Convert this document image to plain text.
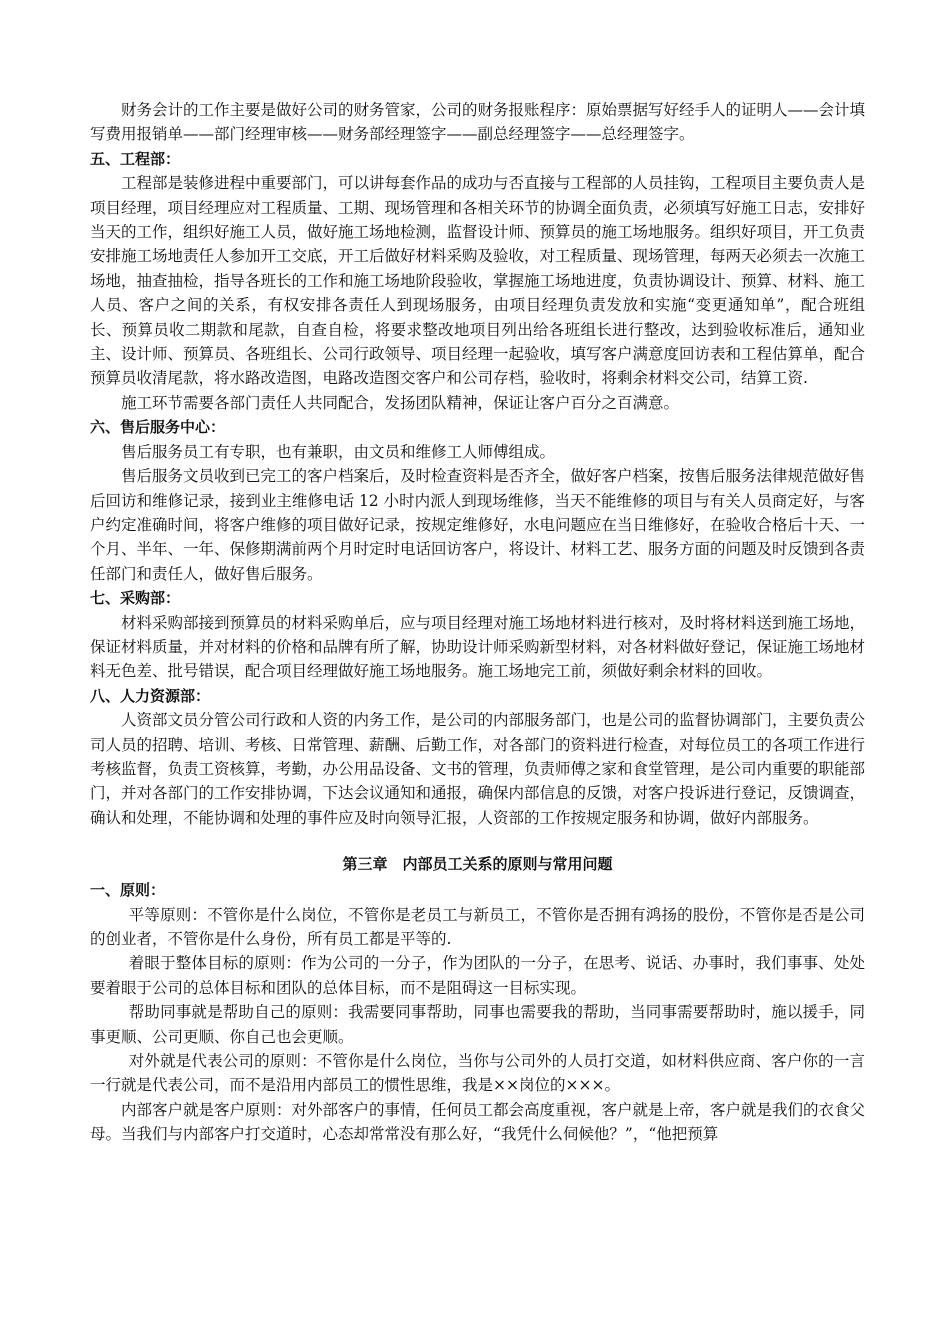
财务会计的工作主要是做好公司的财务管家，公司的财务报账程序：原始票据写好经手人的证明人——会计填写费用报销单——部门经理审核——财务部经理签字——副总经理签字——总经理签字。

五、工程部：

工程部是装修进程中重要部门，可以讲每套作品的成功与否直接与工程部的人员挂钩，工程项目主要负责人是项目经理，项目经理应对工程质量、工期、现场管理和各相关环节的协调全面负责，必须填写好施工日志，安排好当天的工作，组织好施工人员，做好施工场地检测，监督设计师、预算员的施工场地服务。组织好项目，开工负责安排施工场地责任人参加开工交底，开工后做好材料采购及验收，对工程质量、现场管理，每两天必须去一次施工场地，抽查抽检，指导各班长的工作和施工场地阶段验收，掌握施工场地进度，负责协调设计、预算、材料、施工人员、客户之间的关系，有权安排各责任人到现场服务，由项目经理负责发放和实施“变更通知单”，配合班组长、预算员收二期款和尾款，自查自检，将要求整改地项目列出给各班组长进行整改，达到验收标准后，通知业主、设计师、预算员、各班组长、公司行政领导、项目经理一起验收，填写客户满意度回访表和工程估算单，配合预算员收清尾款，将水路改造图，电路改造图交客户和公司存档，验收时，将剩余材料交公司，结算工资.

施工环节需要各部门责任人共同配合，发扬团队精神，保证让客户百分之百满意。

六、售后服务中心：

售后服务员工有专职，也有兼职，由文员和维修工人师傅组成。

售后服务文员收到已完工的客户档案后，及时检查资料是否齐全，做好客户档案，按售后服务法律规范做好售后回访和维修记录，接到业主维修电话 12 小时内派人到现场维修，当天不能维修的项目与有关人员商定好，与客户约定准确时间，将客户维修的项目做好记录，按规定维修好，水电问题应在当日维修好，在验收合格后十天、一个月、半年、一年、保修期满前两个月时定时电话回访客户，将设计、材料工艺、服务方面的问题及时反馈到各责任部门和责任人，做好售后服务。

七、采购部：

材料采购部接到预算员的材料采购单后，应与项目经理对施工场地材料进行核对，及时将材料送到施工场地，保证材料质量，并对材料的价格和品牌有所了解，协助设计师采购新型材料，对各材料做好登记，保证施工场地材料无色差、批号错误，配合项目经理做好施工场地服务。施工场地完工前，须做好剩余材料的回收。

八、人力资源部：

人资部文员分管公司行政和人资的内务工作，是公司的内部服务部门，也是公司的监督协调部门，主要负责公司人员的招聘、培训、考核、日常管理、薪酬、后勤工作，对各部门的资料进行检查，对每位员工的各项工作进行考核监督，负责工资核算，考勤，办公用品设备、文书的管理，负责师傅之家和食堂管理，是公司内重要的职能部门，并对各部门的工作安排协调，下达会议通知和通报，确保内部信息的反馈，对客户投诉进行登记，反馈调查，确认和处理，不能协调和处理的事件应及时向领导汇报，人资部的工作按规定服务和协调，做好内部服务。

第三章　内部员工关系的原则与常用问题

一、原则：

平等原则：不管你是什么岗位，不管你是老员工与新员工，不管你是否拥有鸿扬的股份，不管你是否是公司的创业者，不管你是什么身份，所有员工都是平等的.

着眼于整体目标的原则：作为公司的一分子，作为团队的一分子，在思考、说话、办事时，我们事事、处处要着眼于公司的总体目标和团队的总体目标，而不是阻碍这一目标实现。

帮助同事就是帮助自己的原则：我需要同事帮助，同事也需要我的帮助，当同事需要帮助时，施以援手，同事更顺、公司更顺、你自己也会更顺。

对外就是代表公司的原则：不管你是什么岗位，当你与公司外的人员打交道，如材料供应商、客户你的一言一行就是代表公司，而不是沿用内部员工的惯性思维，我是××岗位的×××。

内部客户就是客户原则：对外部客户的事情，任何员工都会高度重视，客户就是上帝，客户就是我们的衣食父母。当我们与内部客户打交道时，心态却常常没有那么好，“我凭什么伺候他？”，“他把预算
